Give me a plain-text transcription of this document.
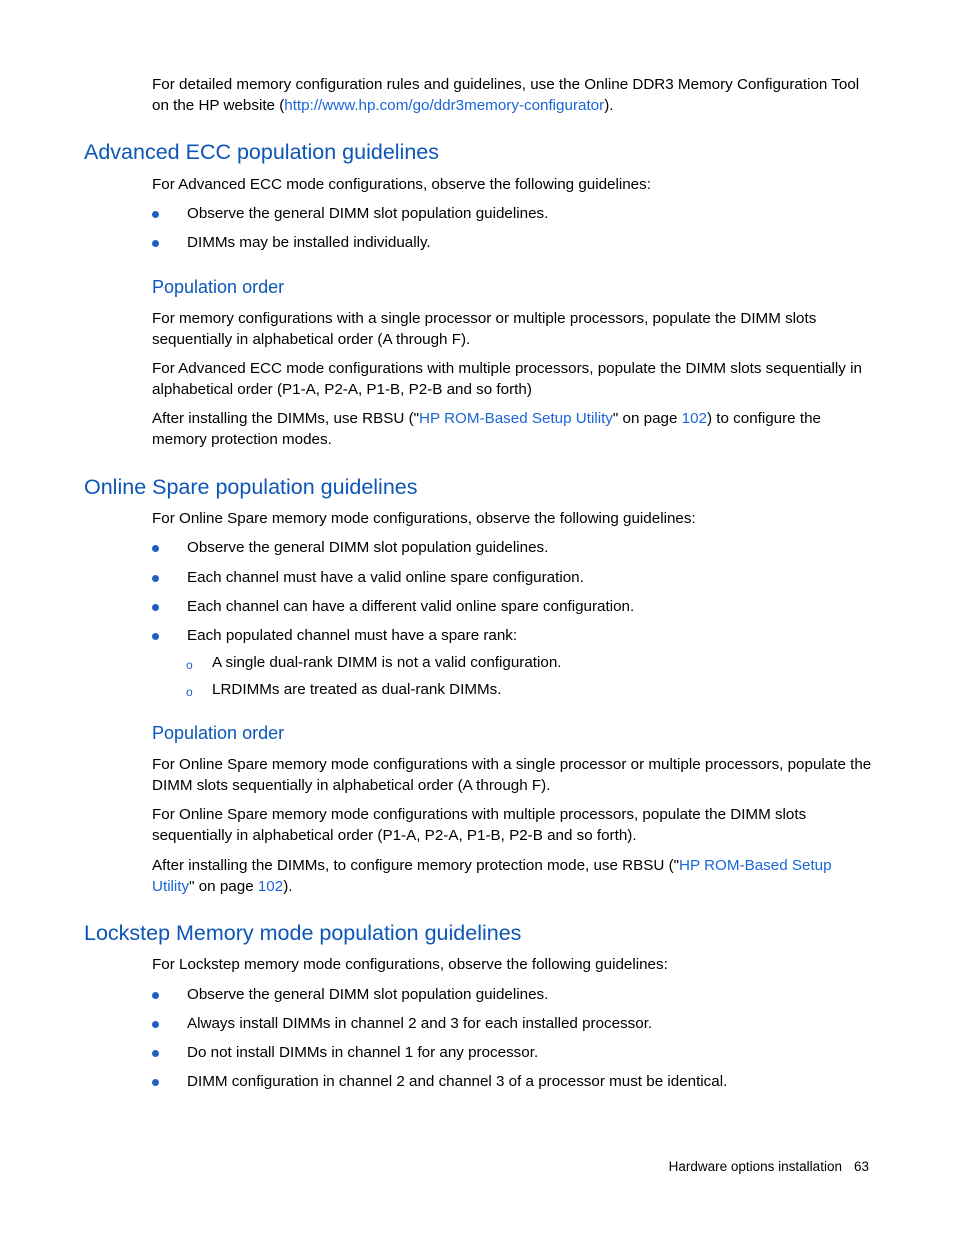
For detailed memory configuration rules and guidelines, use the Online DDR3 Memory Configuration Tool
on the HP website (http://www.hp.com/go/ddr3memory-configurator).

Advanced ECC population guidelines

For Advanced ECC mode configurations, observe the following guidelines:

Observe the general DIMM slot population guidelines.
DIMMs may be installed individually.
Population order

For memory configurations with a single processor or multiple processors, populate the DIMM slots sequentially in alphabetical order (A through F).

For Advanced ECC mode configurations with multiple processors, populate the DIMM slots sequentially in alphabetical order (P1-A, P2-A, P1-B, P2-B and so forth)

After installing the DIMMs, use RBSU ("HP ROM-Based Setup Utility" on page 102) to configure the memory protection modes.

Online Spare population guidelines

For Online Spare memory mode configurations, observe the following guidelines:

Observe the general DIMM slot population guidelines.
Each channel must have a valid online spare configuration.
Each channel can have a different valid online spare configuration.
Each populated channel must have a spare rank:
o A single dual-rank DIMM is not a valid configuration.
o LRDIMMs are treated as dual-rank DIMMs.
Population order

For Online Spare memory mode configurations with a single processor or multiple processors, populate the DIMM slots sequentially in alphabetical order (A through F).

For Online Spare memory mode configurations with multiple processors, populate the DIMM slots sequentially in alphabetical order (P1-A, P2-A, P1-B, P2-B and so forth).

After installing the DIMMs, to configure memory protection mode, use RBSU ("HP ROM-Based Setup Utility" on page 102).

Lockstep Memory mode population guidelines

For Lockstep memory mode configurations, observe the following guidelines:

Observe the general DIMM slot population guidelines.
Always install DIMMs in channel 2 and 3 for each installed processor.
Do not install DIMMs in channel 1 for any processor.
DIMM configuration in channel 2 and channel 3 of a processor must be identical.
Hardware options installation 63
